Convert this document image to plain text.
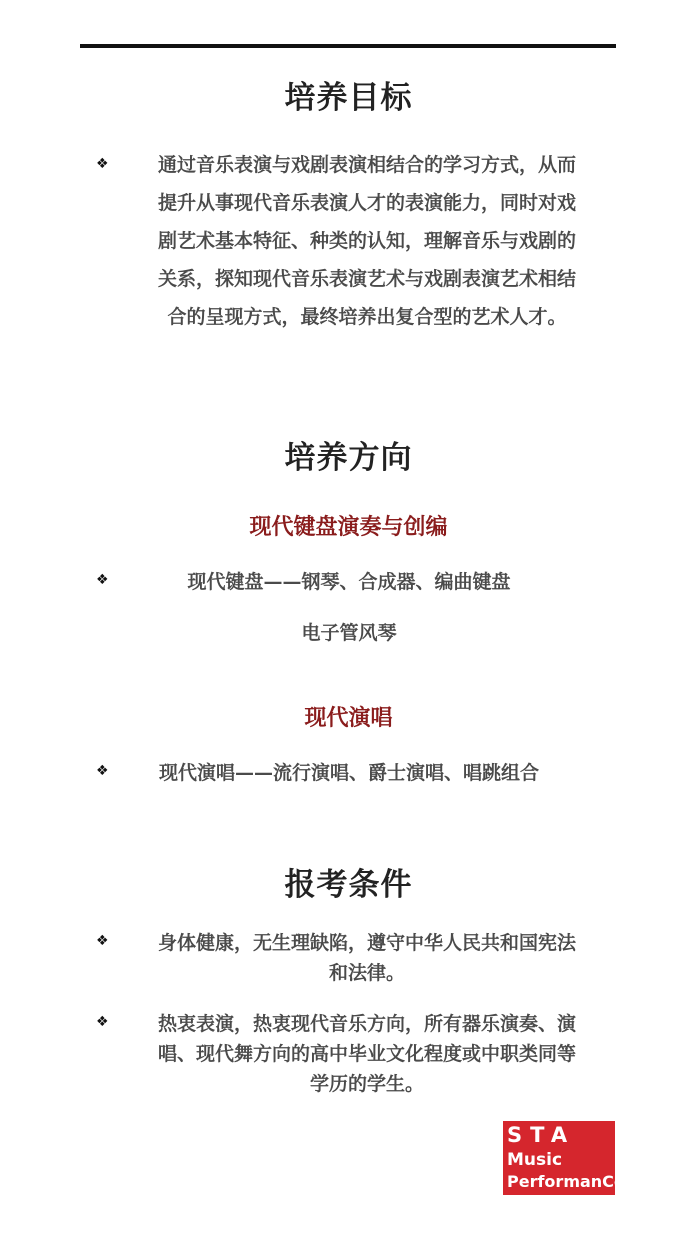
培养目标
❖	通过音乐表演与戏剧表演相结合的学习方式，从而
提升从事现代音乐表演人才的表演能力，同时对戏
剧艺术基本特征、种类的认知，理解音乐与戏剧的
关系，探知现代音乐表演艺术与戏剧表演艺术相结
合的呈现方式，最终培养出复合型的艺术人才。
培养方向
现代键盘演奏与创编
❖	现代键盘——钢琴、合成器、编曲键盘
电子管风琴
现代演唱
❖	现代演唱——流行演唱、爵士演唱、唱跳组合
报考条件
❖	身体健康，无生理缺陷，遵守中华人民共和国宪法
和法律。
❖	热衷表演，热衷现代音乐方向，所有器乐演奏、演
唱、现代舞方向的高中毕业文化程度或中职类同等
学历的学生。
STA
Music
PerformanCe
